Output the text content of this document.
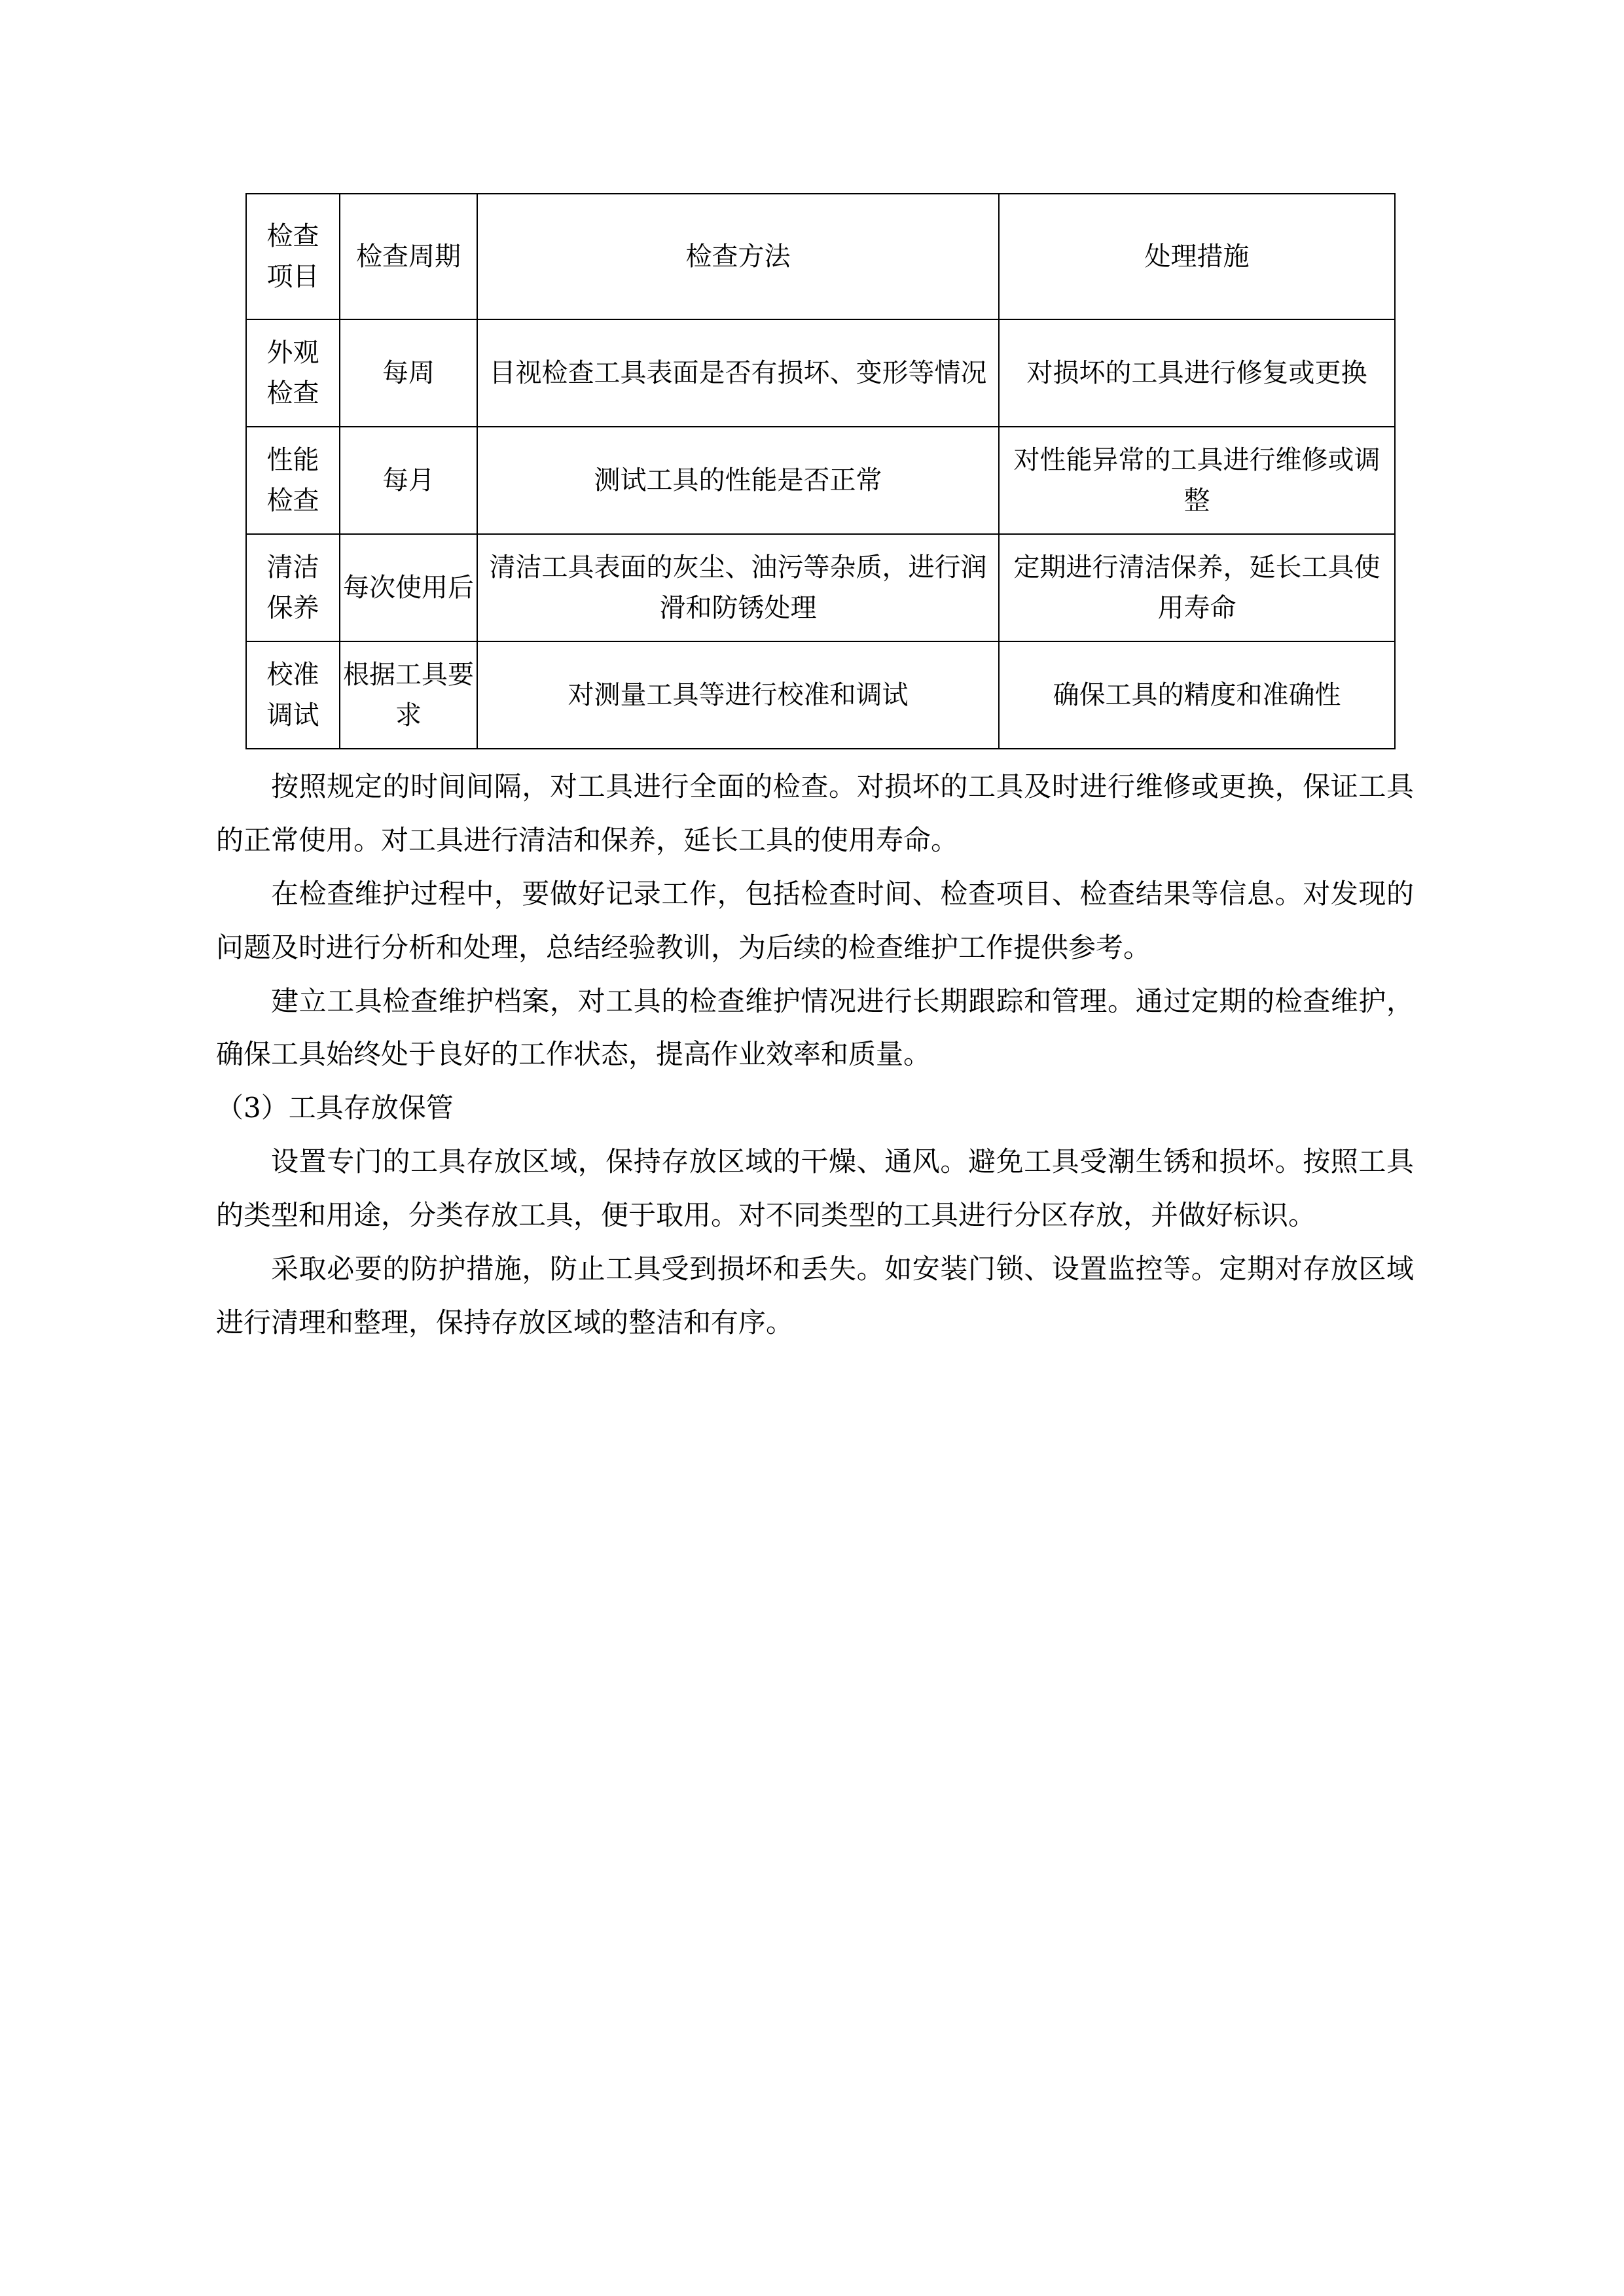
检查
项目	检查周期	检查方法	处理措施

外观
检查	每周	目视检查工具表面是否有损坏、变形等情况	对损坏的工具进行修复或更换

性能
检查	每月	测试工具的性能是否正常	对性能异常的工具进行维修或调整

清洁
保养	每次使用后	清洁工具表面的灰尘、油污等杂质，进行润滑和防锈处理	定期进行清洁保养，延长工具使用寿命

校准
调试	根据工具要求	对测量工具等进行校准和调试	确保工具的精度和准确性

按照规定的时间间隔，对工具进行全面的检查。对损坏的工具及时进行维修或更换，保证工具的正常使用。对工具进行清洁和保养，延长工具的使用寿命。

在检查维护过程中，要做好记录工作，包括检查时间、检查项目、检查结果等信息。对发现的问题及时进行分析和处理，总结经验教训，为后续的检查维护工作提供参考。

建立工具检查维护档案，对工具的检查维护情况进行长期跟踪和管理。通过定期的检查维护，确保工具始终处于良好的工作状态，提高作业效率和质量。

（3）工具存放保管

设置专门的工具存放区域，保持存放区域的干燥、通风。避免工具受潮生锈和损坏。按照工具的类型和用途，分类存放工具，便于取用。对不同类型的工具进行分区存放，并做好标识。

采取必要的防护措施，防止工具受到损坏和丢失。如安装门锁、设置监控等。定期对存放区域进行清理和整理，保持存放区域的整洁和有序。
